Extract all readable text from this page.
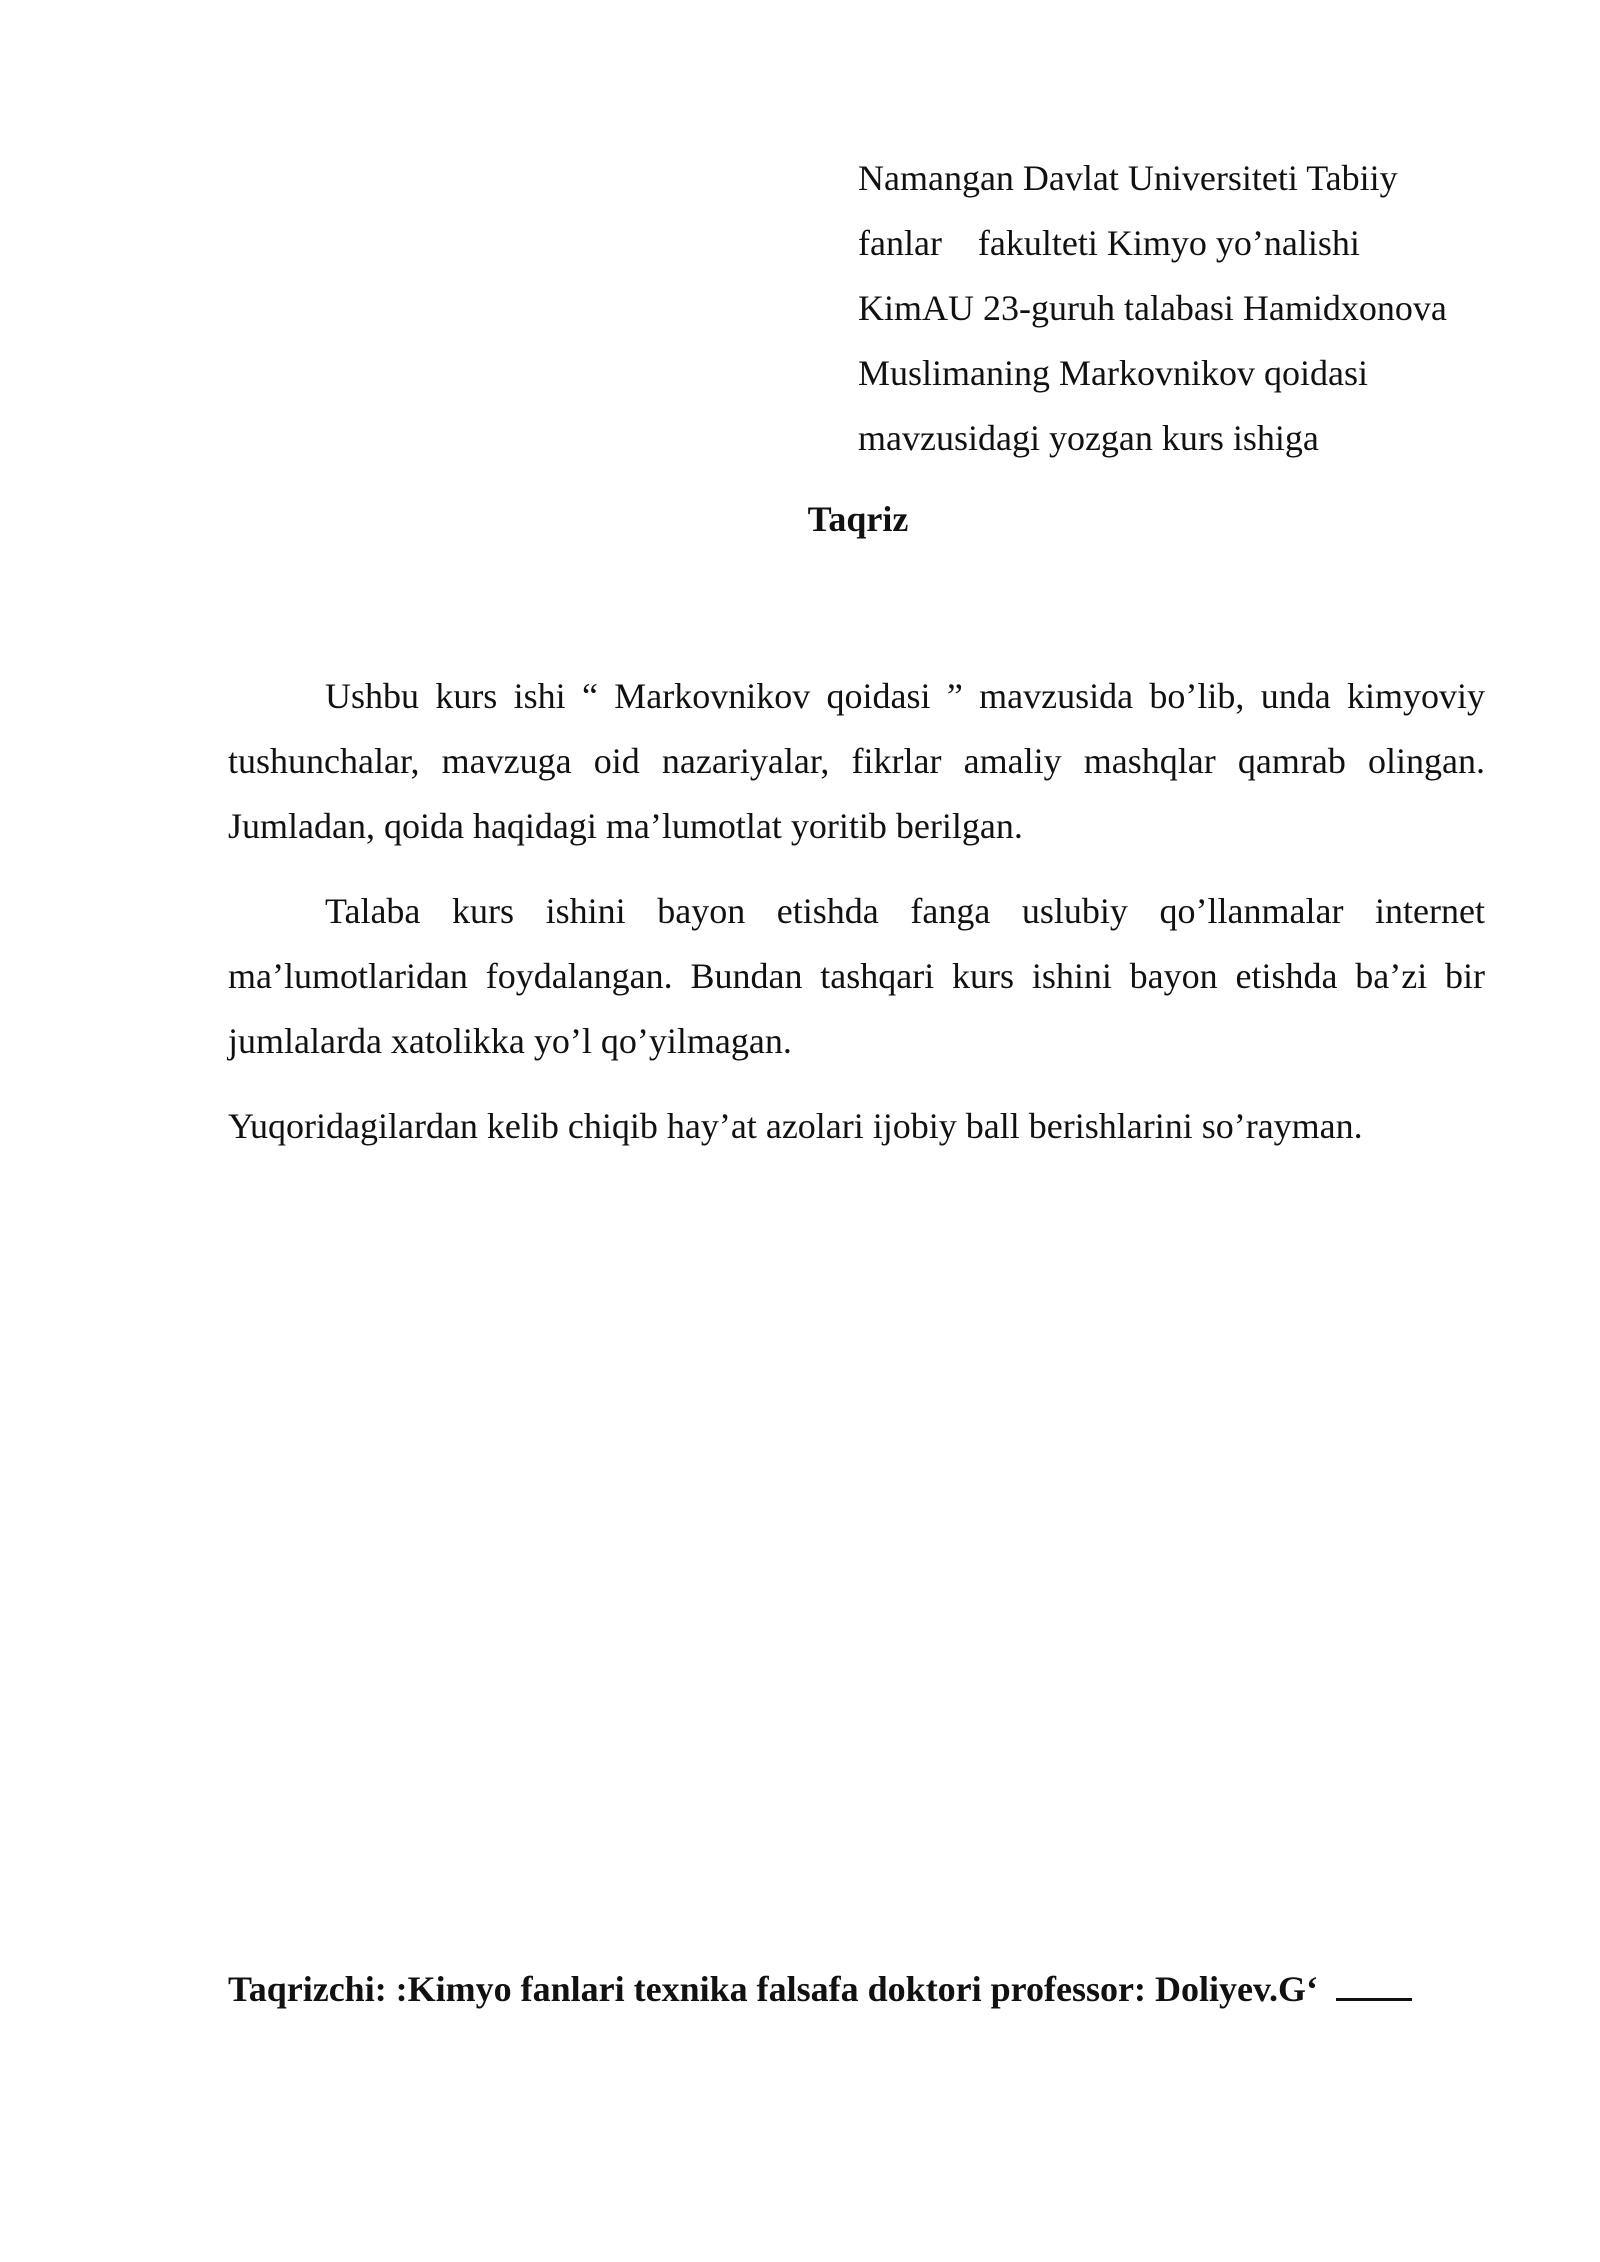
Namangan Davlat Universiteti Tabiiy
fanlar    fakulteti Kimyo yo’nalishi
KimAU 23-guruh talabasi Hamidxonova
Muslimaning Markovnikov qoidasi
mavzusidagi yozgan kurs ishiga
Taqriz

Ushbu kurs ishi “ Markovnikov qoidasi ” mavzusida bo’lib, unda kimyoviy tushunchalar, mavzuga oid nazariyalar, fikrlar amaliy mashqlar qamrab olingan. Jumladan, qoida haqidagi ma’lumotlat yoritib berilgan.

Talaba kurs ishini bayon etishda fanga uslubiy qo’llanmalar internet ma’lumotlaridan foydalangan. Bundan tashqari kurs ishini bayon etishda ba’zi bir jumlalarda xatolikka yo’l qo’yilmagan.

Yuqoridagilardan kelib chiqib hay’at azolari ijobiy ball berishlarini so’rayman.

Taqrizchi: :Kimyo fanlari texnika falsafa doktori professor: Doliyev.G‘
